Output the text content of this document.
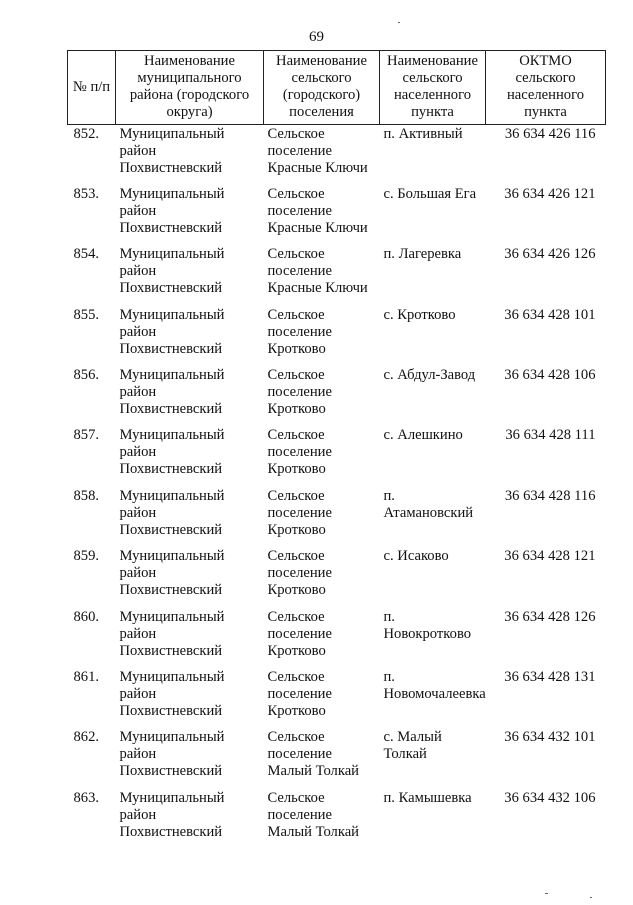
69
№ п/п	Наименование муниципального района (городского округа)	Наименование сельского (городского) поселения	Наименование сельского населенного пункта	ОКТМО сельского населенного пункта
852.	Муниципальный район Похвистневский	Сельское поселение Красные Ключи	п. Активный	36 634 426 116
853.	Муниципальный район Похвистневский	Сельское поселение Красные Ключи	с. Большая Ега	36 634 426 121
854.	Муниципальный район Похвистневский	Сельское поселение Красные Ключи	п. Лагеревка	36 634 426 126
855.	Муниципальный район Похвистневский	Сельское поселение Кротково	с. Кротково	36 634 428 101
856.	Муниципальный район Похвистневский	Сельское поселение Кротково	с. Абдул-Завод	36 634 428 106
857.	Муниципальный район Похвистневский	Сельское поселение Кротково	с. Алешкино	36 634 428 111
858.	Муниципальный район Похвистневский	Сельское поселение Кротково	п. Атамановский	36 634 428 116
859.	Муниципальный район Похвистневский	Сельское поселение Кротково	с. Исаково	36 634 428 121
860.	Муниципальный район Похвистневский	Сельское поселение Кротково	п. Новокротково	36 634 428 126
861.	Муниципальный район Похвистневский	Сельское поселение Кротково	п. Новомочалеевка	36 634 428 131
862.	Муниципальный район Похвистневский	Сельское поселение Малый Толкай	с. Малый Толкай	36 634 432 101
863.	Муниципальный район Похвистневский	Сельское поселение Малый Толкай	п. Камышевка	36 634 432 106
